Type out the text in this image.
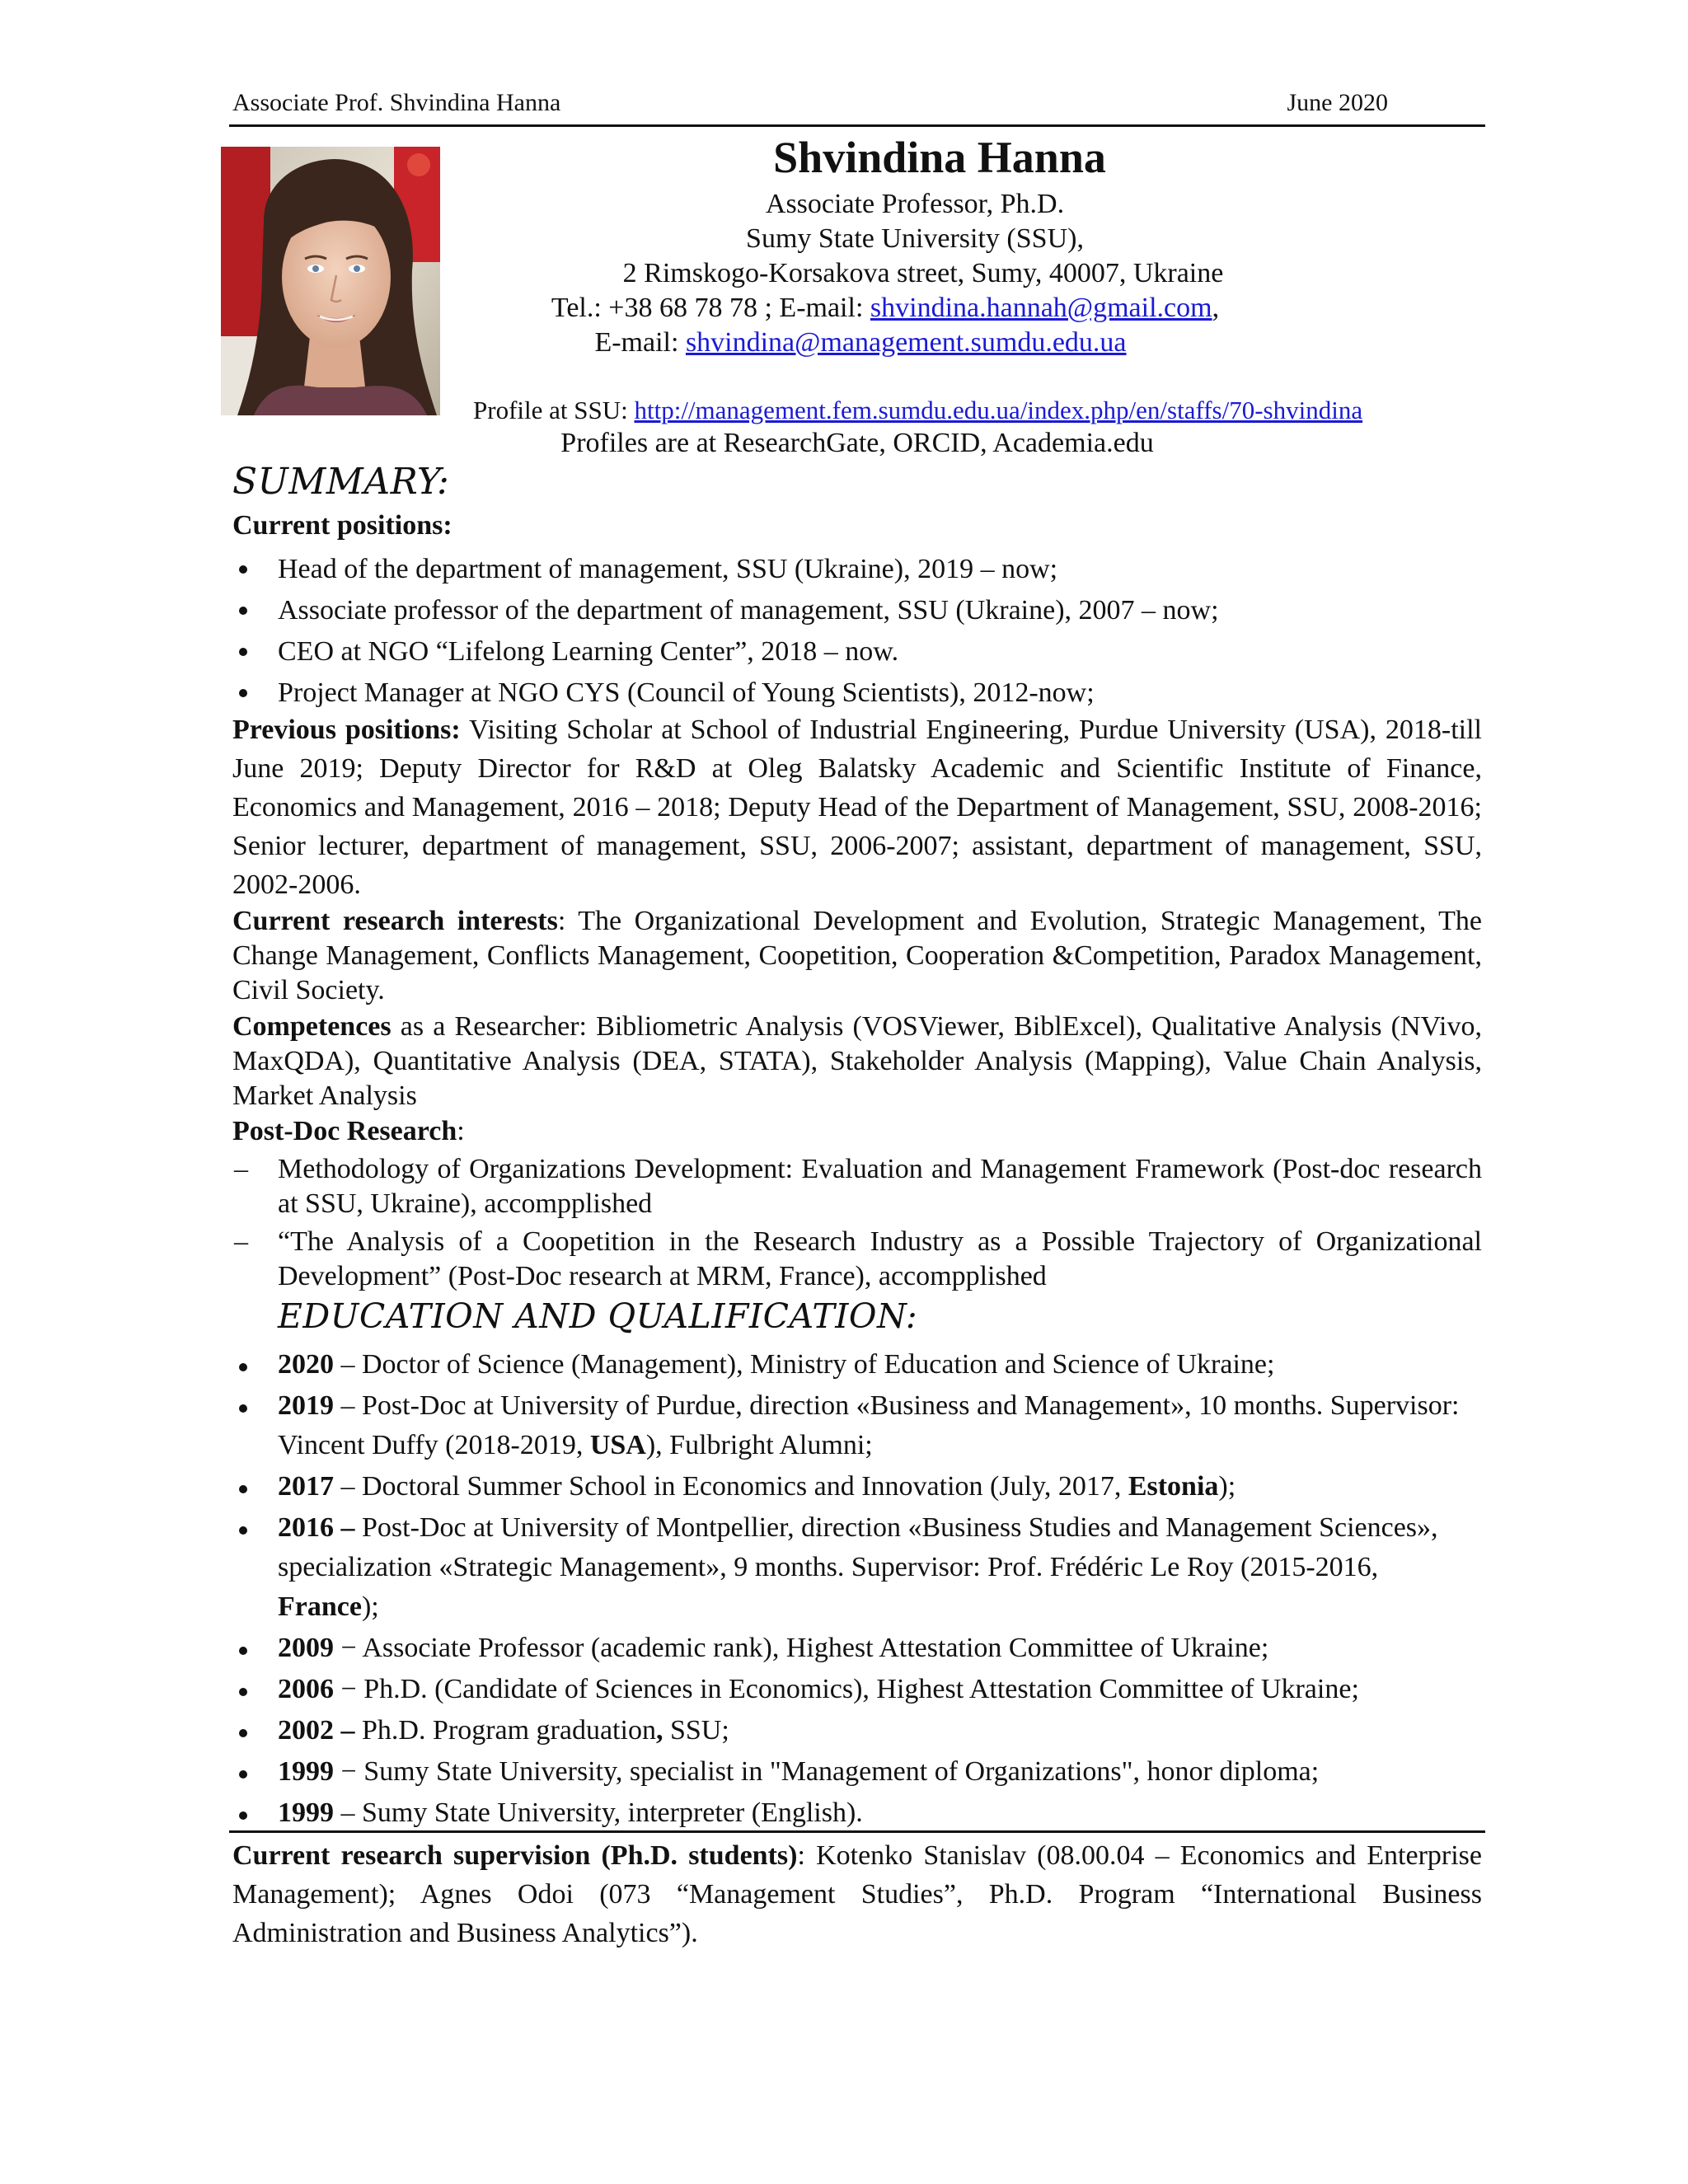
Associate Prof. Shvindina Hanna	June 2020
Shvindina Hanna
Associate Professor, Ph.D.
Sumy State University (SSU),
2 Rimskogo-Korsakova street, Sumy, 40007, Ukraine
Tel.: +38 68 78 78 ; E-mail: shvindina.hannah@gmail.com,
E-mail: shvindina@management.sumdu.edu.ua
Profile at SSU: http://management.fem.sumdu.edu.ua/index.php/en/staffs/70-shvindina
Profiles are at ResearchGate, ORCID, Academia.edu
SUMMARY:
Current positions:
Head of the department of management, SSU (Ukraine), 2019 – now;
Associate professor of the department of management, SSU (Ukraine), 2007 – now;
CEO at NGO “Lifelong Learning Center”, 2018 – now.
Project Manager at NGO CYS (Council of Young Scientists), 2012-now;
Previous positions: Visiting Scholar at School of Industrial Engineering, Purdue University (USA), 2018-till June 2019; Deputy Director for R&D at Oleg Balatsky Academic and Scientific Institute of Finance, Economics and Management, 2016 – 2018; Deputy Head of the Department of Management, SSU, 2008-2016; Senior lecturer, department of management, SSU, 2006-2007; assistant, department of management, SSU, 2002-2006.
Current research interests: The Organizational Development and Evolution, Strategic Management, The Change Management, Conflicts Management, Coopetition, Cooperation &Competition, Paradox Management, Civil Society.
Competences as a Researcher: Bibliometric Analysis (VOSViewer, BiblExcel), Qualitative Analysis (NVivo, MaxQDA), Quantitative Analysis (DEA, STATA), Stakeholder Analysis (Mapping), Value Chain Analysis, Market Analysis
Post-Doc Research:
– Methodology of Organizations Development: Evaluation and Management Framework (Post-doc research at SSU, Ukraine), accompplished
– “The Analysis of a Coopetition in the Research Industry as a Possible Trajectory of Organizational Development” (Post-Doc research at MRM, France), accompplished
EDUCATION AND QUALIFICATION:
2020 – Doctor of Science (Management), Ministry of Education and Science of Ukraine;
2019 – Post-Doc at University of Purdue, direction «Business and Management», 10 months. Supervisor: Vincent Duffy (2018-2019, USA), Fulbright Alumni;
2017 – Doctoral Summer School in Economics and Innovation (July, 2017, Estonia);
2016 – Post-Doc at University of Montpellier, direction «Business Studies and Management Sciences», specialization «Strategic Management», 9 months. Supervisor: Prof. Frédéric Le Roy (2015-2016, France);
2009 − Associate Professor (academic rank), Highest Attestation Committee of Ukraine;
2006 − Ph.D. (Candidate of Sciences in Economics), Highest Attestation Committee of Ukraine;
2002 – Ph.D. Program graduation, SSU;
1999 − Sumy State University, specialist in "Management of Organizations", honor diploma;
1999 – Sumy State University, interpreter (English).
Current research supervision (Ph.D. students): Kotenko Stanislav (08.00.04 – Economics and Enterprise Management); Agnes Odoi (073 “Management Studies”, Ph.D. Program “International Business Administration and Business Analytics”).
